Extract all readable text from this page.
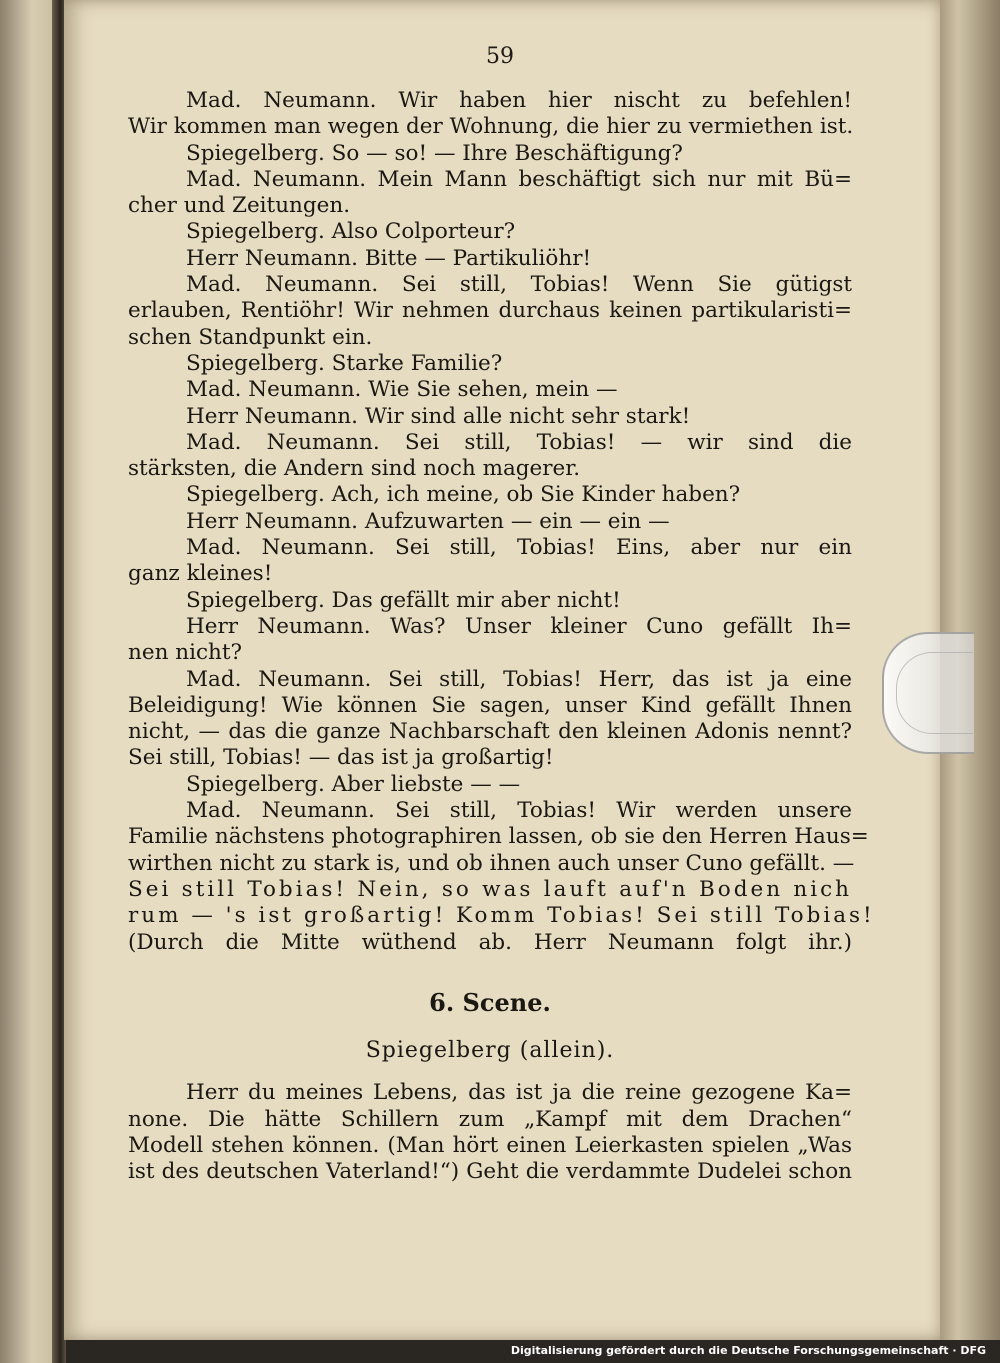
59
Mad. Neumann. Wir haben hier nischt zu befehlen!
Wir kommen man wegen der Wohnung, die hier zu vermiethen ist.
Spiegelberg. So — so! — Ihre Beschäftigung?
Mad. Neumann. Mein Mann beschäftigt sich nur mit Bü=
cher und Zeitungen.
Spiegelberg. Also Colporteur?
Herr Neumann. Bitte — Partikuliöhr!
Mad. Neumann. Sei still, Tobias! Wenn Sie gütigst
erlauben, Rentiöhr! Wir nehmen durchaus keinen partikularisti=
schen Standpunkt ein.
Spiegelberg. Starke Familie?
Mad. Neumann. Wie Sie sehen, mein —
Herr Neumann. Wir sind alle nicht sehr stark!
Mad. Neumann. Sei still, Tobias! — wir sind die
stärksten, die Andern sind noch magerer.
Spiegelberg. Ach, ich meine, ob Sie Kinder haben?
Herr Neumann. Aufzuwarten — ein — ein —
Mad. Neumann. Sei still, Tobias! Eins, aber nur ein
ganz kleines!
Spiegelberg. Das gefällt mir aber nicht!
Herr Neumann. Was? Unser kleiner Cuno gefällt Ih=
nen nicht?
Mad. Neumann. Sei still, Tobias! Herr, das ist ja eine
Beleidigung! Wie können Sie sagen, unser Kind gefällt Ihnen
nicht, — das die ganze Nachbarschaft den kleinen Adonis nennt?
Sei still, Tobias! — das ist ja großartig!
Spiegelberg. Aber liebste — —
Mad. Neumann. Sei still, Tobias! Wir werden unsere
Familie nächstens photographiren lassen, ob sie den Herren Haus=
wirthen nicht zu stark is, und ob ihnen auch unser Cuno gefällt. —
Sei still Tobias! Nein, so was lauft auf'n Boden nich
rum — 's ist großartig! Komm Tobias! Sei still Tobias!
(Durch die Mitte wüthend ab. Herr Neumann folgt ihr.)
6. Scene.
Spiegelberg (allein).
Herr du meines Lebens, das ist ja die reine gezogene Ka=
none. Die hätte Schillern zum „Kampf mit dem Drachen“
Modell stehen können. (Man hört einen Leierkasten spielen „Was
ist des deutschen Vaterland!“) Geht die verdammte Dudelei schon
Digitalisierung gefördert durch die Deutsche Forschungsgemeinschaft · DFG
